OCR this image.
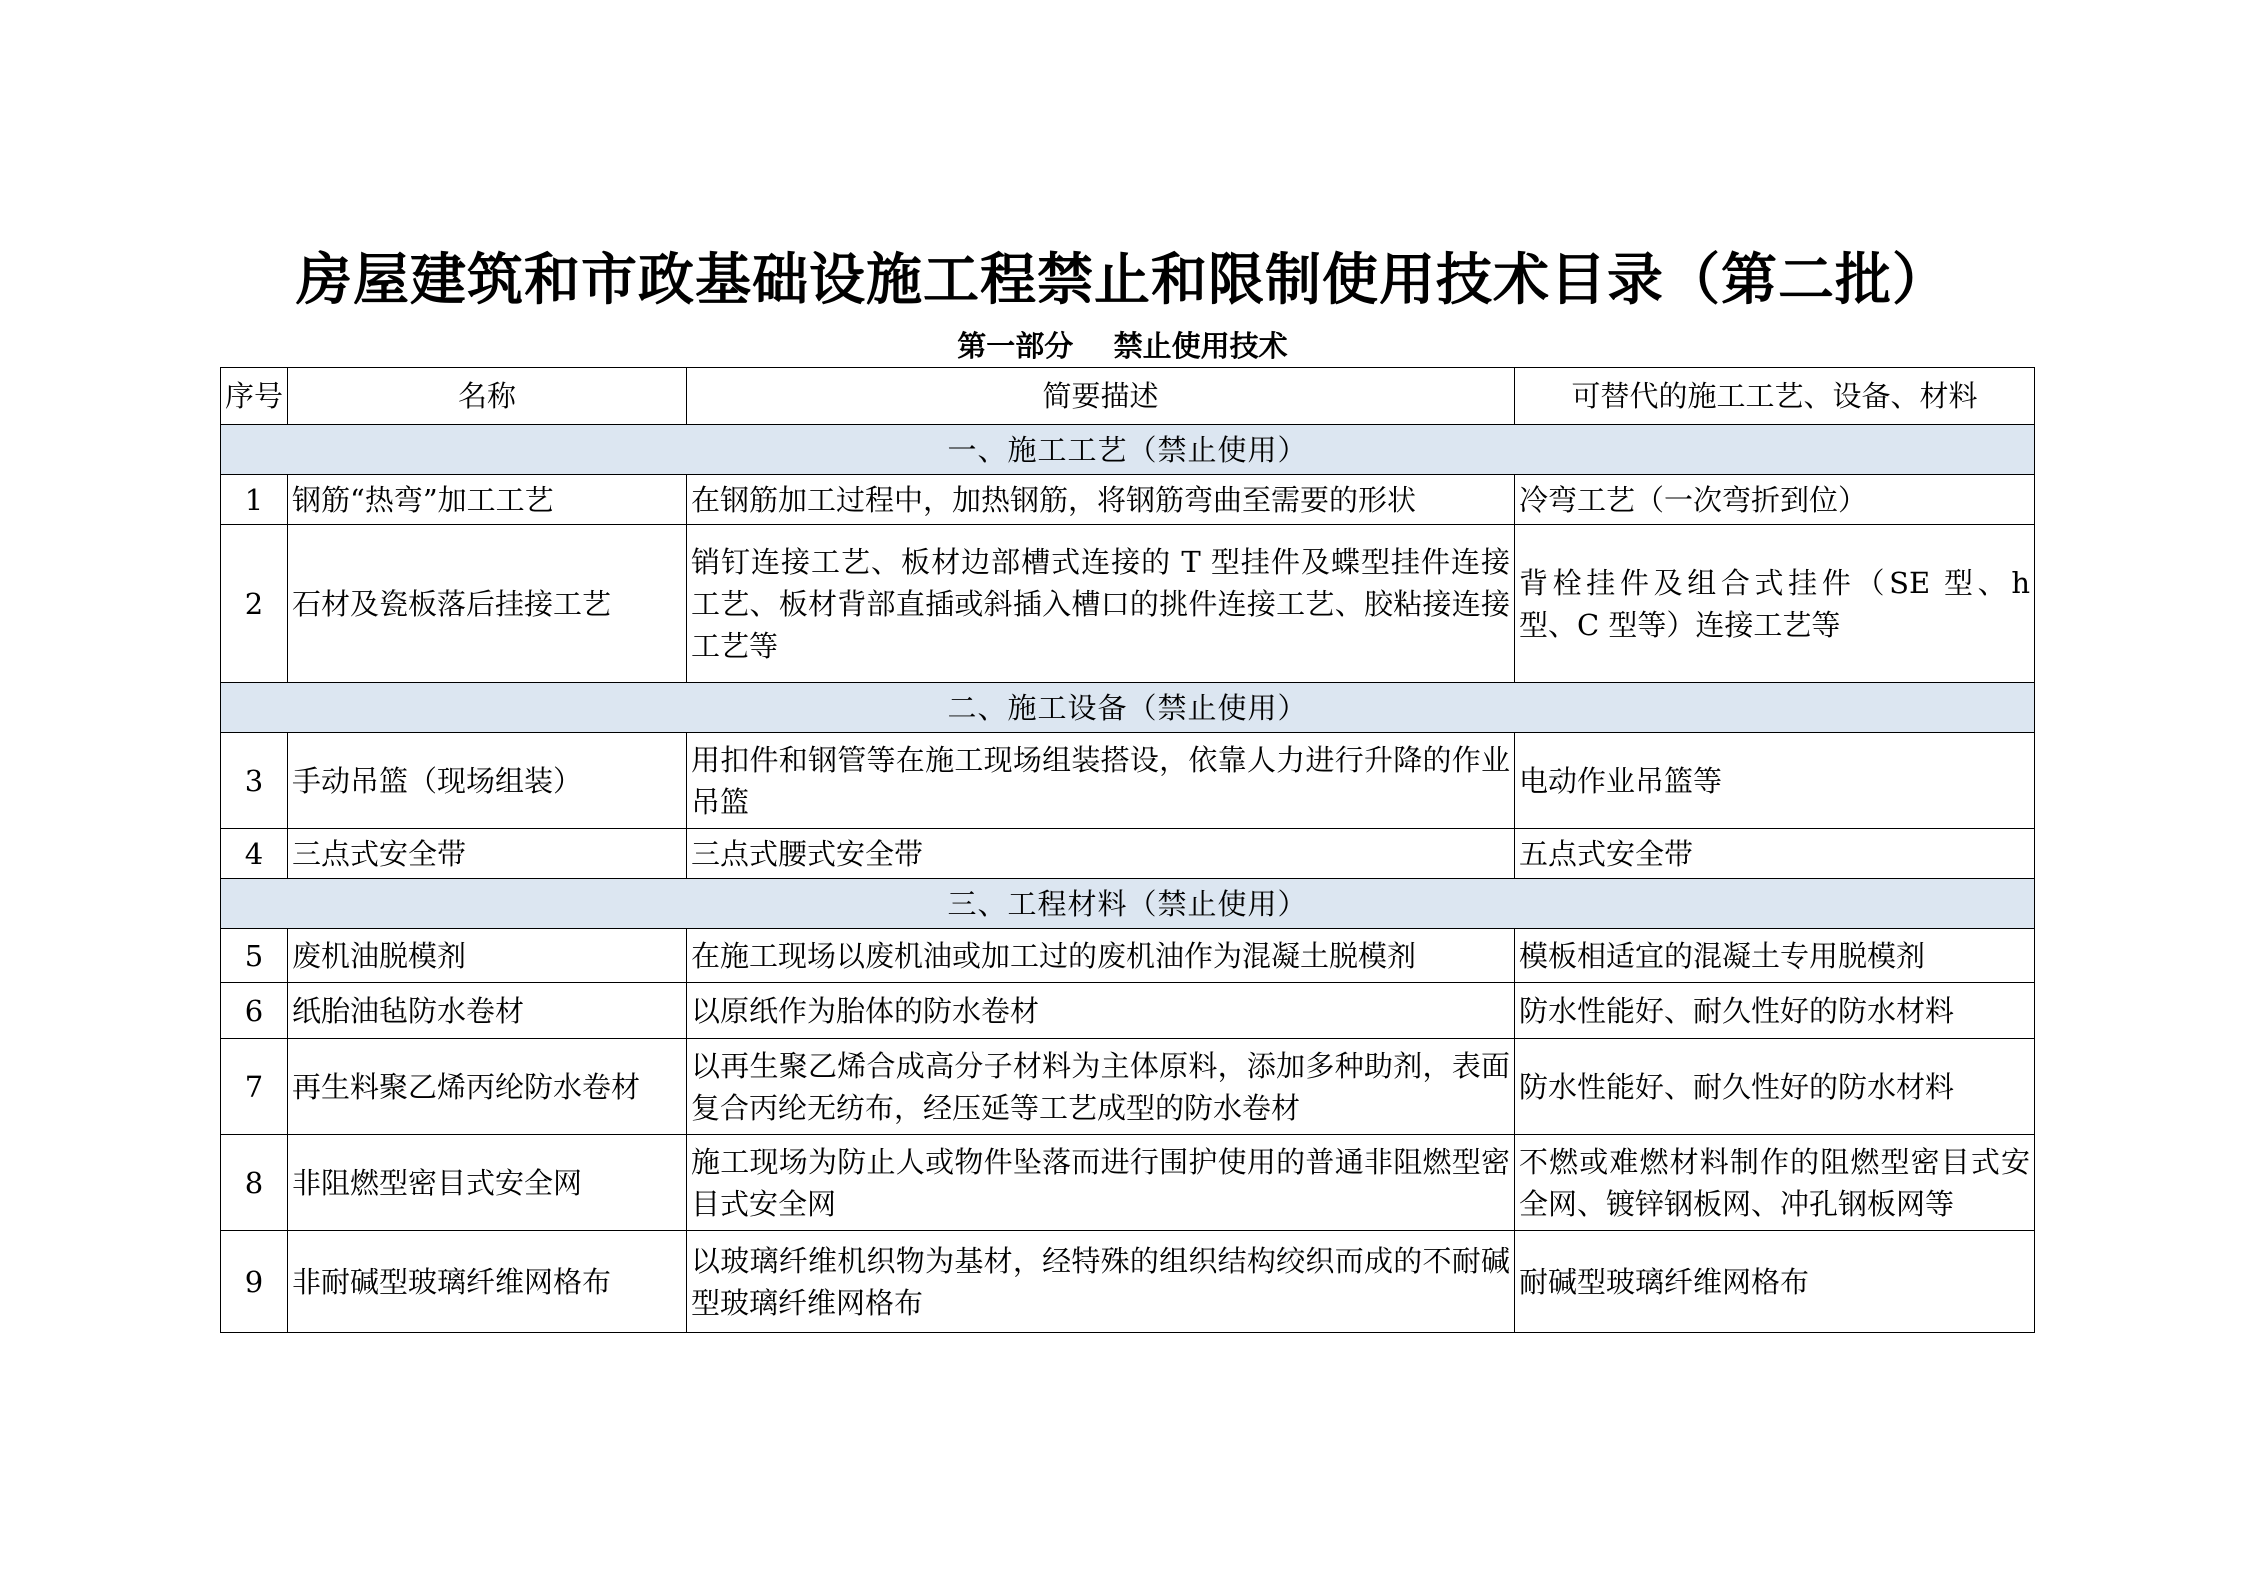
房屋建筑和市政基础设施工程禁止和限制使用技术目录（第二批）
第一部分    禁止使用技术
序号	名称	简要描述	可替代的施工工艺、设备、材料
一、施工工艺（禁止使用）			
1	钢筋“热弯”加工工艺	在钢筋加工过程中，加热钢筋，将钢筋弯曲至需要的形状	冷弯工艺（一次弯折到位）
2	石材及瓷板落后挂接工艺	销钉连接工艺、板材边部槽式连接的 T 型挂件及蝶型挂件连接工艺、板材背部直插或斜插入槽口的挑件连接工艺、胶粘接连接工艺等	背栓挂件及组合式挂件（SE 型、h 型、C 型等）连接工艺等
二、施工设备（禁止使用）			
3	手动吊篮（现场组装）	用扣件和钢管等在施工现场组装搭设，依靠人力进行升降的作业吊篮	电动作业吊篮等
4	三点式安全带	三点式腰式安全带	五点式安全带
三、工程材料（禁止使用）			
5	废机油脱模剂	在施工现场以废机油或加工过的废机油作为混凝土脱模剂	模板相适宜的混凝土专用脱模剂
6	纸胎油毡防水卷材	以原纸作为胎体的防水卷材	防水性能好、耐久性好的防水材料
7	再生料聚乙烯丙纶防水卷材	以再生聚乙烯合成高分子材料为主体原料，添加多种助剂，表面复合丙纶无纺布，经压延等工艺成型的防水卷材	防水性能好、耐久性好的防水材料
8	非阻燃型密目式安全网	施工现场为防止人或物件坠落而进行围护使用的普通非阻燃型密目式安全网	不燃或难燃材料制作的阻燃型密目式安全网、镀锌钢板网、冲孔钢板网等
9	非耐碱型玻璃纤维网格布	以玻璃纤维机织物为基材，经特殊的组织结构绞织而成的不耐碱型玻璃纤维网格布	耐碱型玻璃纤维网格布
